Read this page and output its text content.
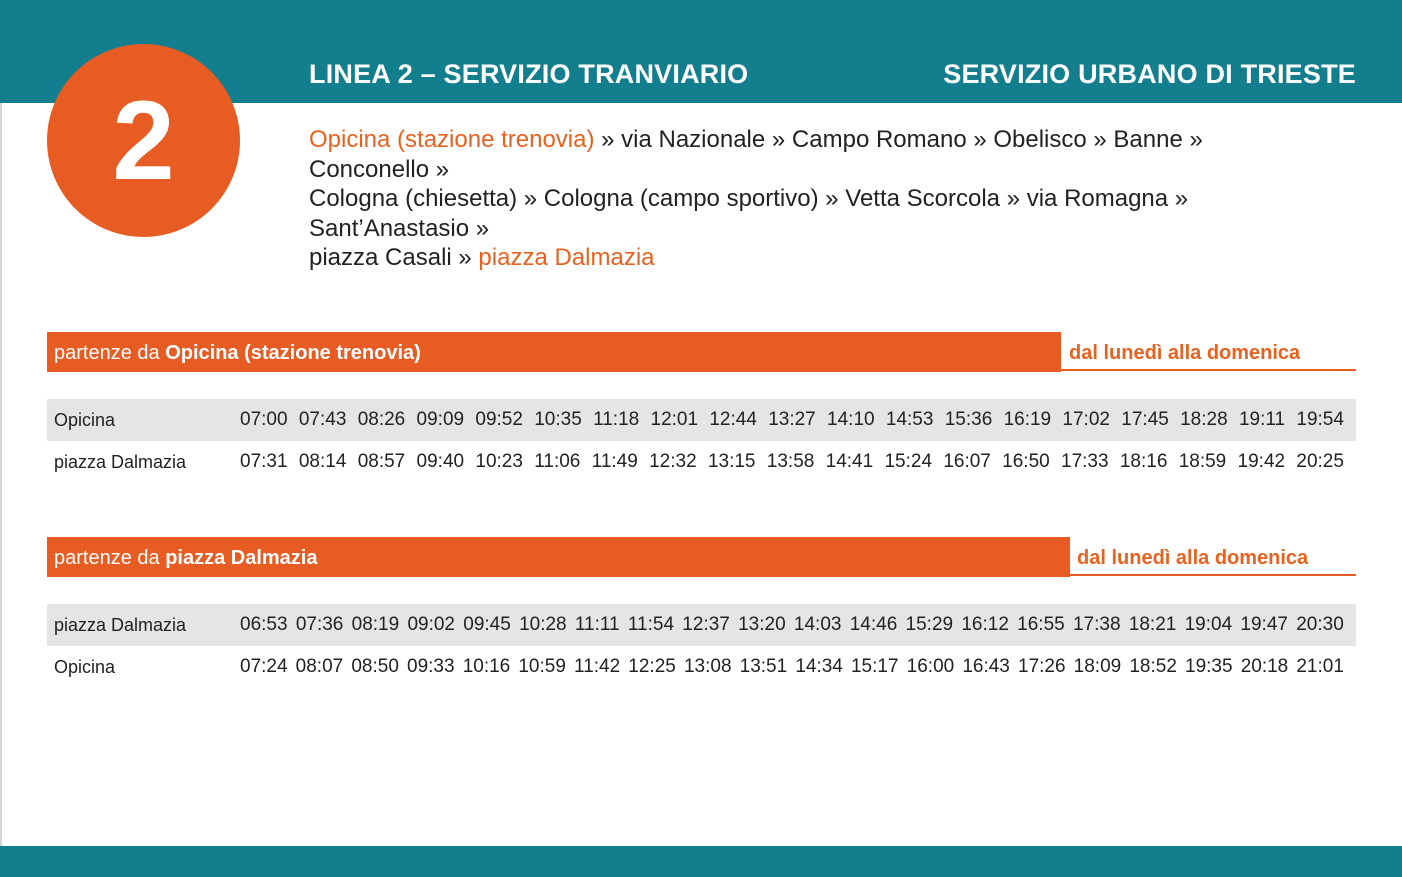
2
LINEA 2 – SERVIZIO TRANVIARIO	SERVIZIO URBANO DI TRIESTE
Opicina (stazione trenovia) » via Nazionale » Campo Romano » Obelisco » Banne » Conconello »
Cologna (chiesetta) » Cologna (campo sportivo) » Vetta Scorcola » via Romagna » Sant’Anastasio »
piazza Casali » piazza Dalmazia
partenze da Opicina (stazione trenovia)	dal lunedì alla domenica
Opicina	07:00 07:43 08:26 09:09 09:52 10:35 11:18 12:01 12:44 13:27 14:10 14:53 15:36 16:19 17:02 17:45 18:28 19:11 19:54
piazza Dalmazia	07:31 08:14 08:57 09:40 10:23 11:06 11:49 12:32 13:15 13:58 14:41 15:24 16:07 16:50 17:33 18:16 18:59 19:42 20:25
partenze da piazza Dalmazia	dal lunedì alla domenica
piazza Dalmazia	06:53 07:36 08:19 09:02 09:45 10:28 11:11 11:54 12:37 13:20 14:03 14:46 15:29 16:12 16:55 17:38 18:21 19:04 19:47 20:30
Opicina	07:24 08:07 08:50 09:33 10:16 10:59 11:42 12:25 13:08 13:51 14:34 15:17 16:00 16:43 17:26 18:09 18:52 19:35 20:18 21:01
